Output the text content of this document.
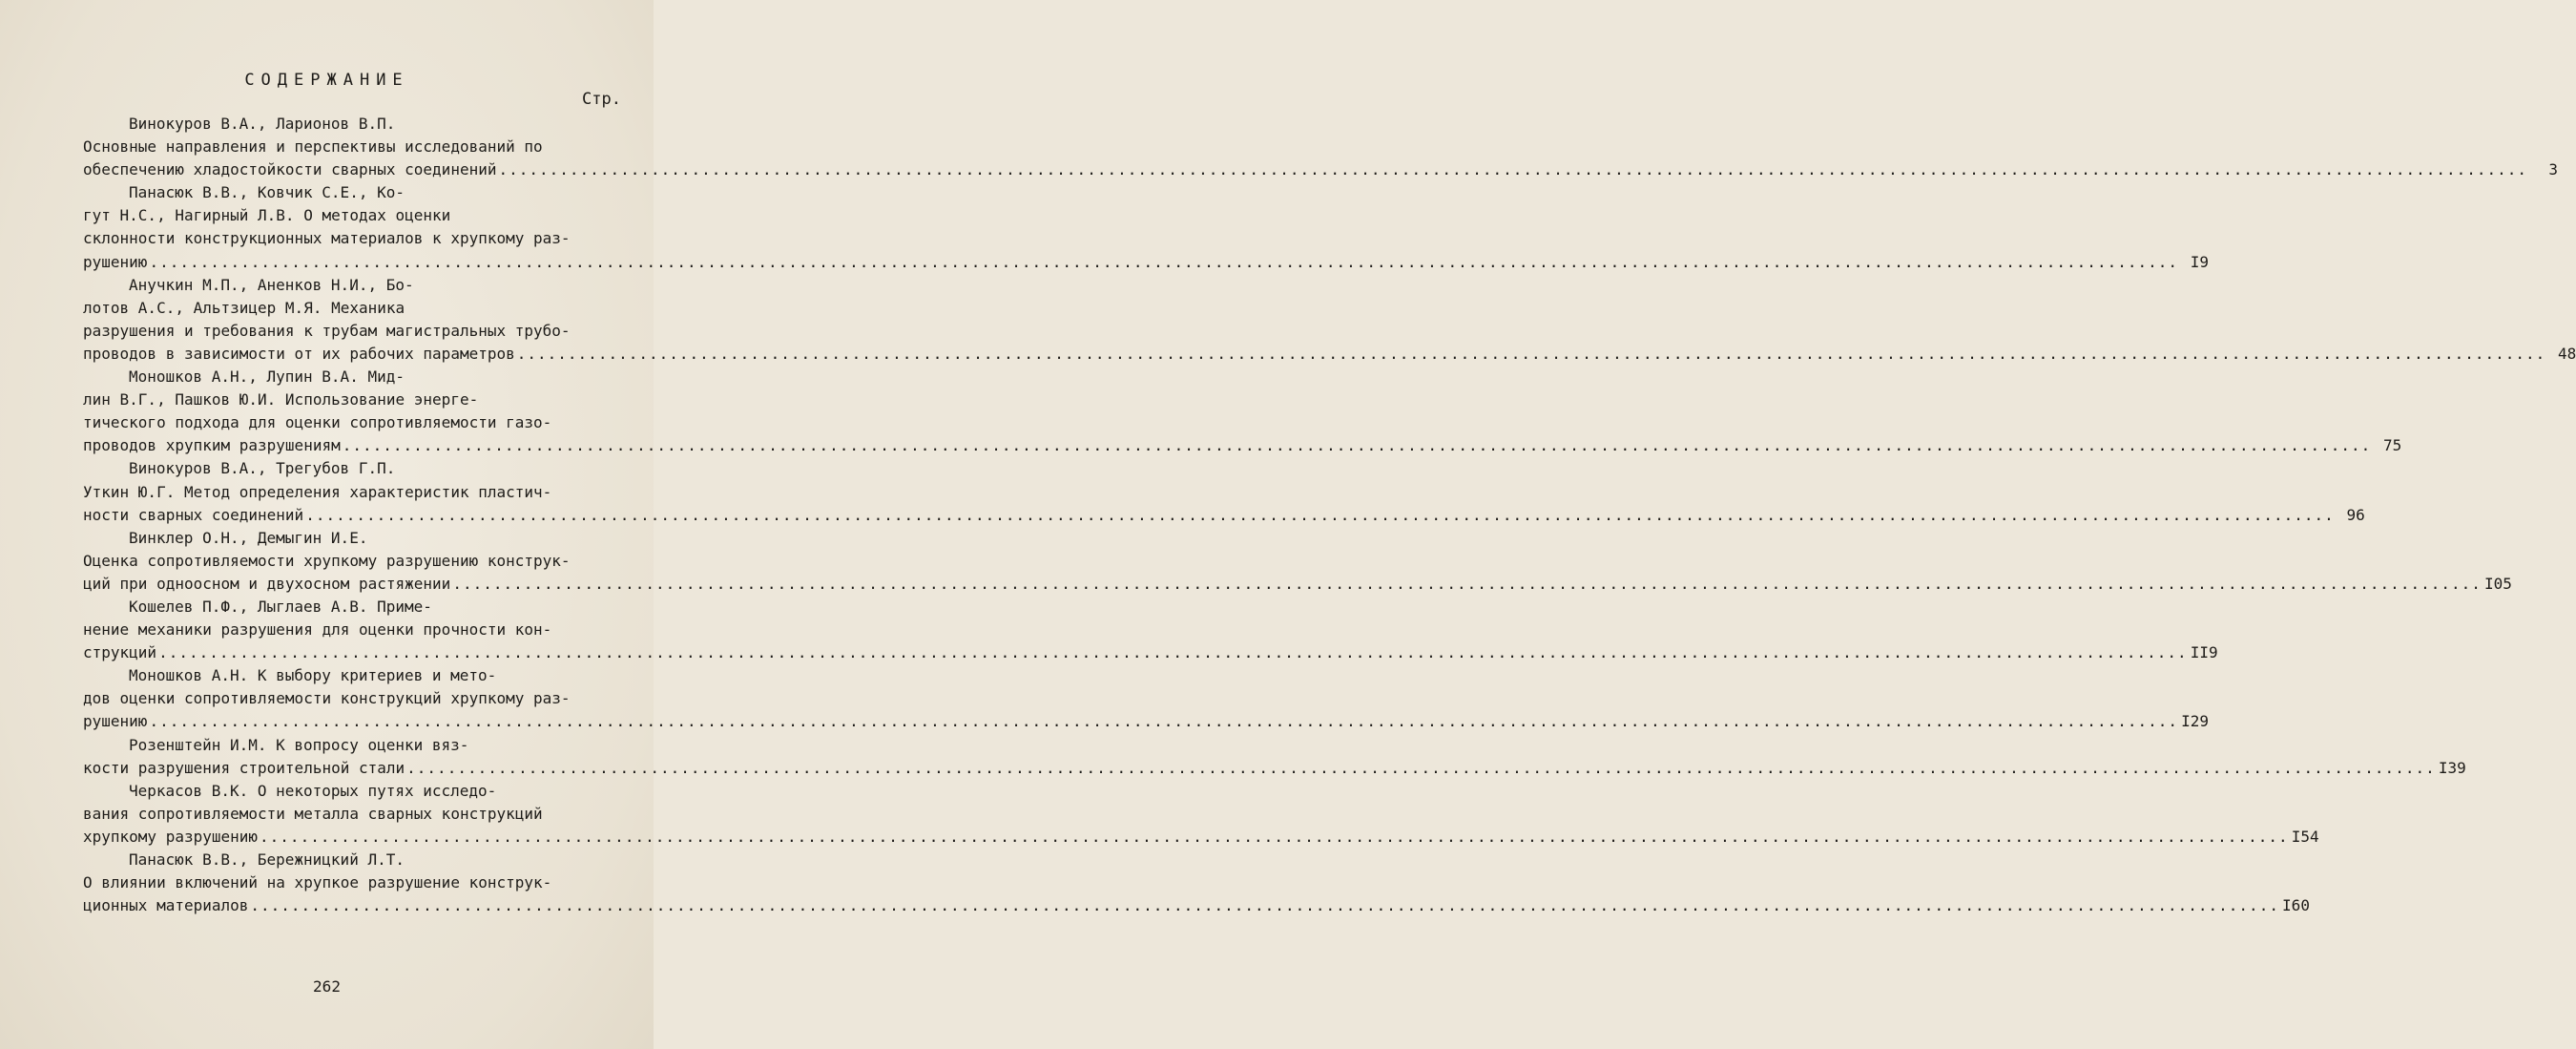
СОДЕРЖАНИЕ
Стр.
Винокуров В.А., Ларионов В.П.
Основные направления и перспективы исследований по
обеспечению хладостойкости сварных соединений ........................................................................................................................................................................................................	3
Панасюк В.В., Ковчик С.Е., Ко-
гут Н.С., Нагирный Л.В. О методах оценки
склонности конструкционных материалов к хрупкому раз-
рушению ........................................................................................................................................................................................................ I9
Анучкин М.П., Аненков Н.И., Бо-
лотов А.С., Альтзицер М.Я. Механика
разрушения и требования к трубам магистральных трубо-
проводов в зависимости от их рабочих параметров ........................................................................................................................................................................................................ 48
Моношков А.Н., Лупин В.А. Мид-
лин В.Г., Пашков Ю.И. Использование энерге-
тического подхода для оценки сопротивляемости газо-
проводов хрупким разрушениям ........................................................................................................................................................................................................ 75
Винокуров В.А., Трегубов Г.П.
Уткин Ю.Г. Метод определения характеристик пластич-
ности сварных соединений ........................................................................................................................................................................................................ 96
Винклер О.Н., Демыгин И.Е.
Оценка сопротивляемости хрупкому разрушению конструк-
ций при одноосном и двухосном растяжении ........................................................................................................................................................................................................ I05
Кошелев П.Ф., Лыглаев А.В. Приме-
нение механики разрушения для оценки прочности кон-
струкций ........................................................................................................................................................................................................ II9
Моношков А.Н. К выбору критериев и мето-
дов оценки сопротивляемости конструкций хрупкому раз-
рушению ........................................................................................................................................................................................................ I29
Розенштейн И.М. К вопросу оценки вяз-
кости разрушения строительной стали ........................................................................................................................................................................................................ I39
Черкасов В.К. О некоторых путях исследо-
вания сопротивляемости металла сварных конструкций
хрупкому разрушению ........................................................................................................................................................................................................ I54
Панасюк В.В., Бережницкий Л.Т.
О влиянии включений на хрупкое разрушение конструк-
ционных материалов ........................................................................................................................................................................................................ I60
262
